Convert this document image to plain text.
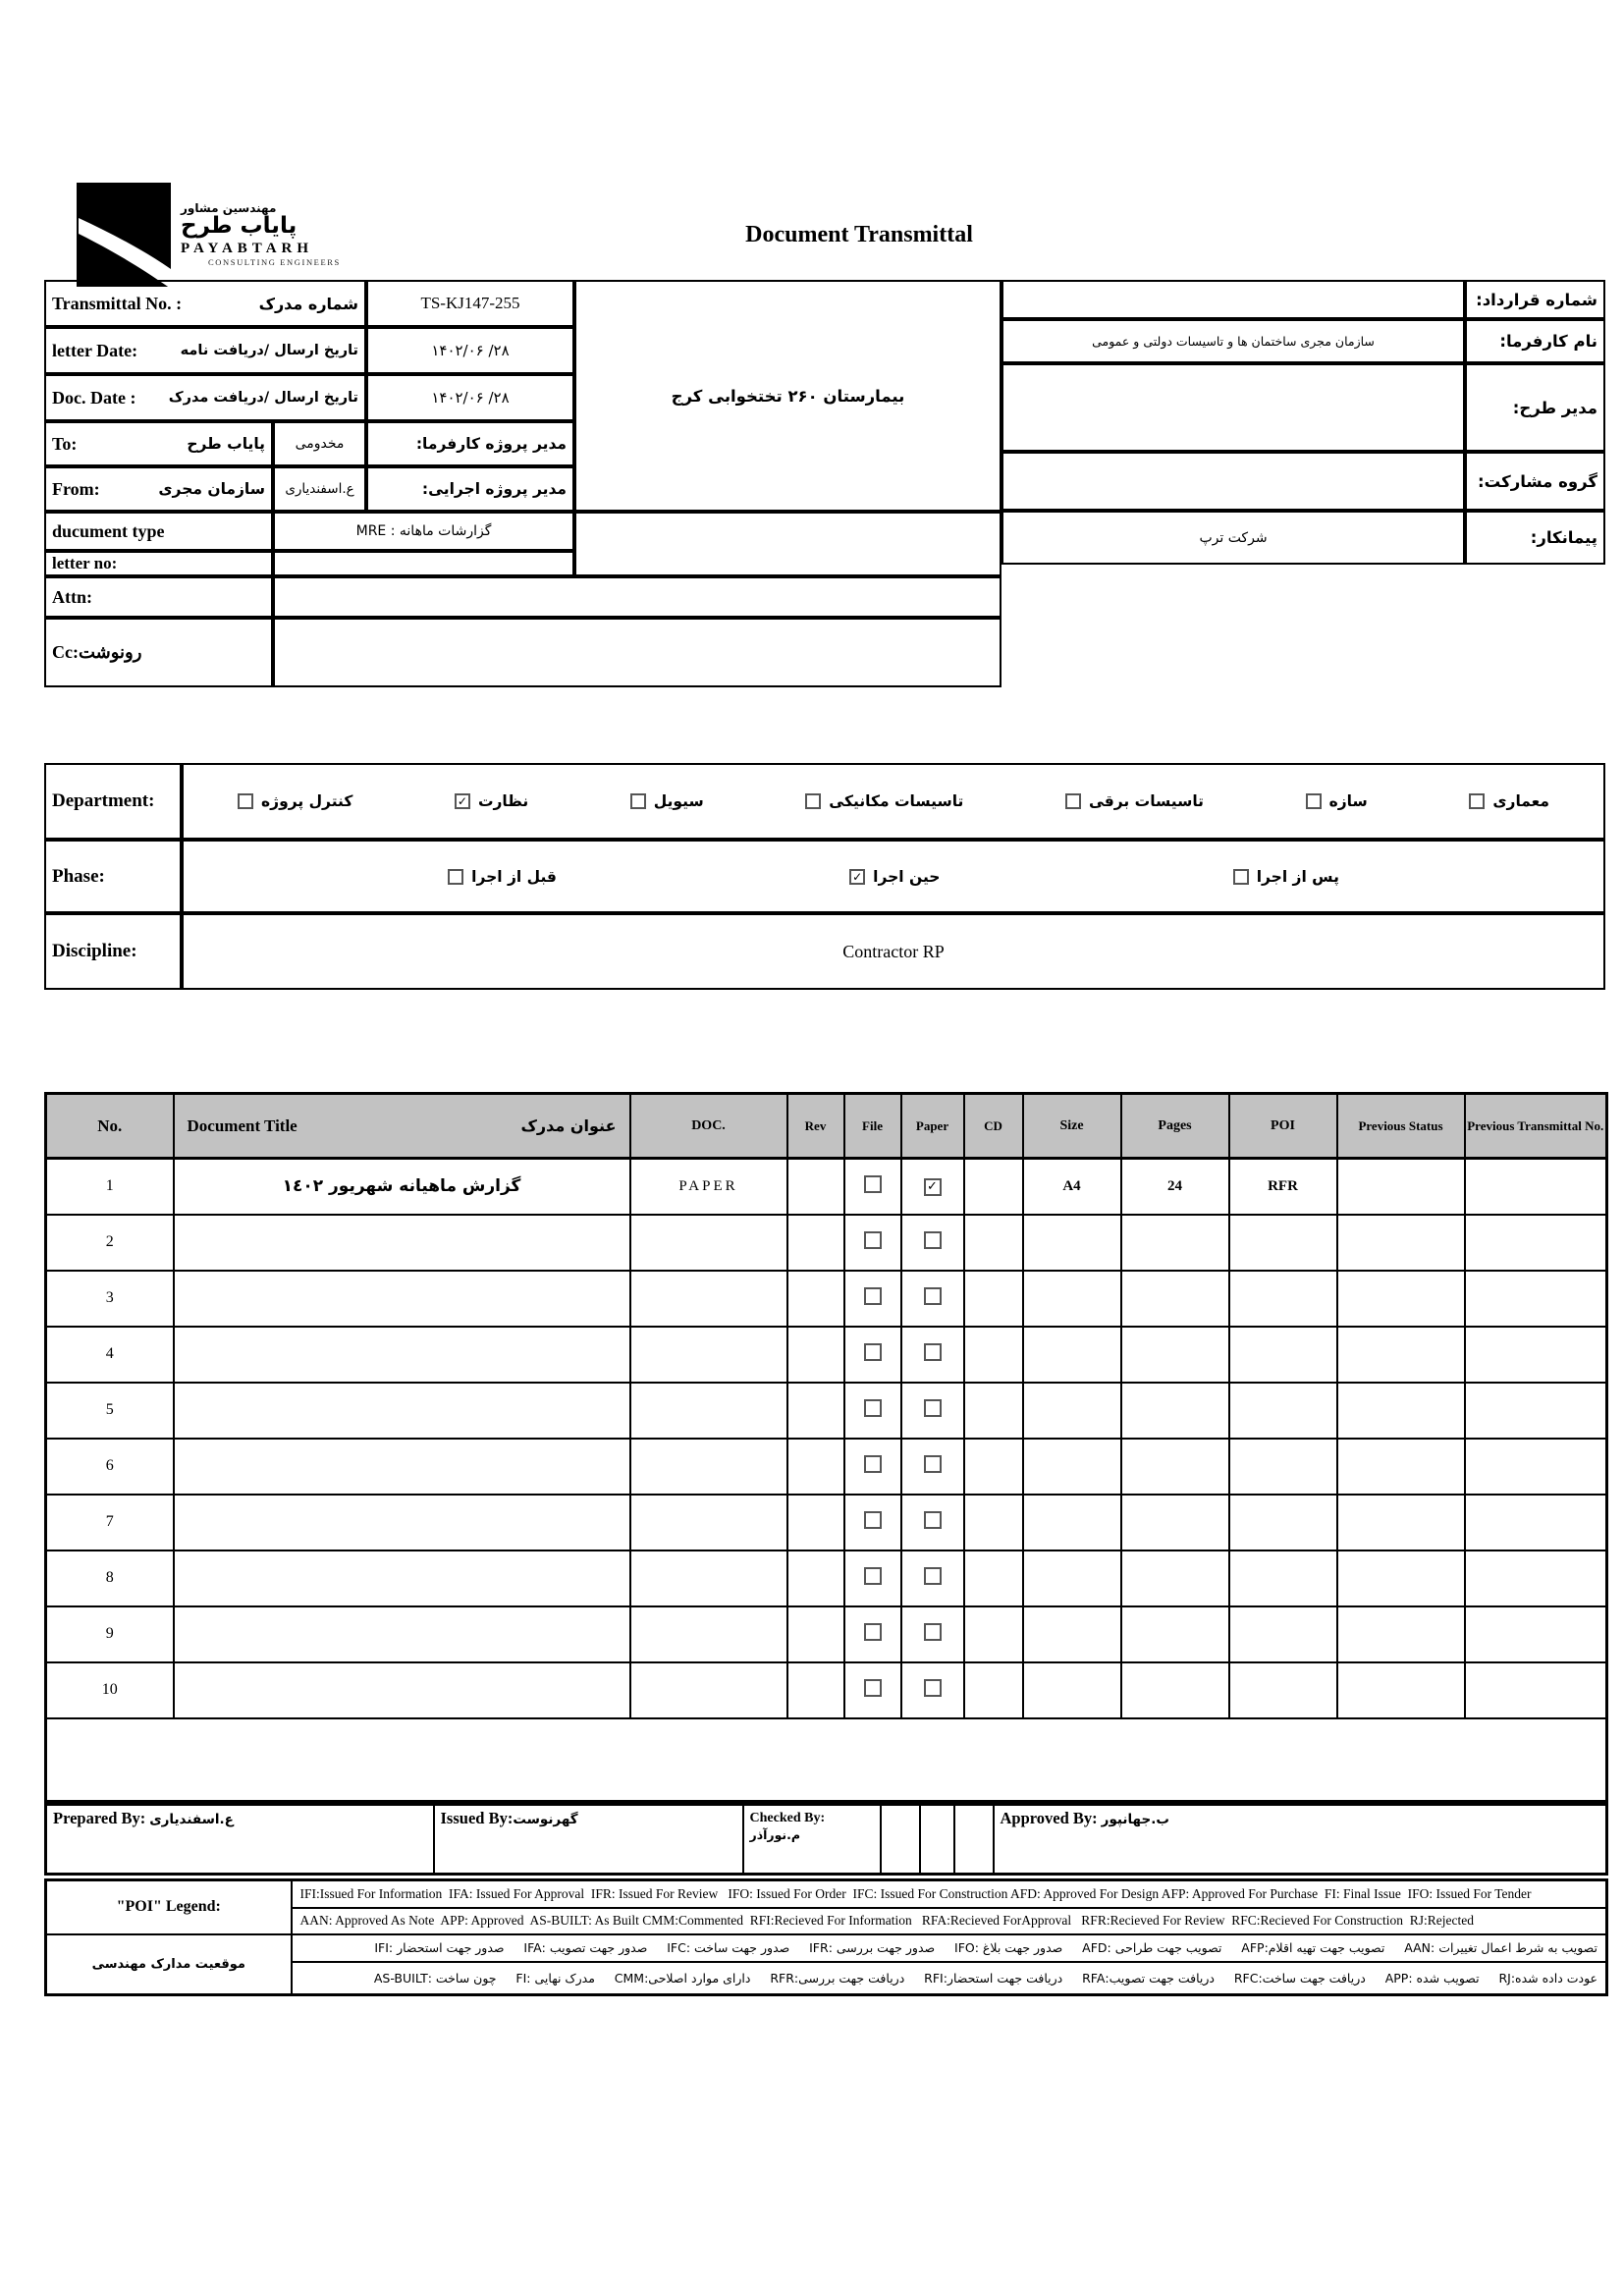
مهندسین مشاور
پایاب طرح
PAYABTARH
CONSULTING ENGINEERS
Document Transmittal
Transmittal No. :	شماره مدرک	TS-KJ147-255
letter Date:	تاریخ ارسال /دریافت نامه	۱۴۰۲/۰۶ /۲۸
Doc. Date : تاریخ ارسال /دریافت مدرک	۱۴۰۲/۰۶ /۲۸
To:	پایاب طرح	مخدومی	مدیر پروژه کارفرما:
From:	سازمان مجری	ع.اسفندیاری	مدیر پروژه اجرایی:
ducument type	گزارشات ماهانه : MRE
letter no:
Attn:
Cc:رونوشت
بیمارستان ۲۶۰ تختخوابی کرج
شماره قرارداد:
سازمان مجری ساختمان ها و تاسیسات دولتی و عمومی	نام کارفرما:
مدیر طرح:
گروه مشارکت:
شرکت ترپ	پیمانکار:
Department:	معماری
سازه
تاسیسات برقی
تاسیسات مکانیکی
سیویل
✓ نظارت
کنترل پروژه
Phase:	پس از اجرا
✓ حین اجرا
قبل از اجرا
Discipline:	Contractor RP
No.	Document Title عنوان مدرک	DOC.	Rev	File	Paper	CD	Size	Pages	POI	Previous Status	Previous Transmittal No.
1	گزارش ماهیانه شهریور ١٤٠٢	PAPER			✓		A4	24	RFR		
2											
3											
4											
5											
6											
7											
8											
9											
10											

Prepared By: ع.اسفندیاری	Issued By:گهرنوست	Checked By: م.نورآذر				Approved By: ب.جهانپور
"POI" Legend:	IFI:Issued For Information  IFA: Issued For Approval  IFR: Issued For Review   IFO: Issued For Order  IFC: Issued For Construction AFD: Approved For Design AFP: Approved For Purchase  FI: Final Issue  IFO: Issued For Tender
	AAN: Approved As Note  APP: Approved  AS-BUILT: As Built CMM:Commented  RFI:Recieved For Information   RFA:Recieved ForApproval   RFR:Recieved For Review  RFC:Recieved For Construction  RJ:Rejected
موقعیت مدارک مهندسی	تصویب به شرط اعمال تغییرات :AAN     تصویب جهت تهیه اقلام:AFP     تصویب جهت طراحی :AFD     صدور جهت بلاغ :IFO     صدور جهت بررسی :IFR     صدور جهت ساخت :IFC     صدور جهت تصویب :IFA     صدور جهت استحضار :IFI
	عودت داده شده:RJ     تصویب شده :APP     دریافت جهت ساخت:RFC     دریافت جهت تصویب:RFA     دریافت جهت استحضار:RFI     دریافت جهت بررسی:RFR     دارای موارد اصلاحی:CMM     مدرک نهایی :FI     چون ساخت :AS-BUILT
